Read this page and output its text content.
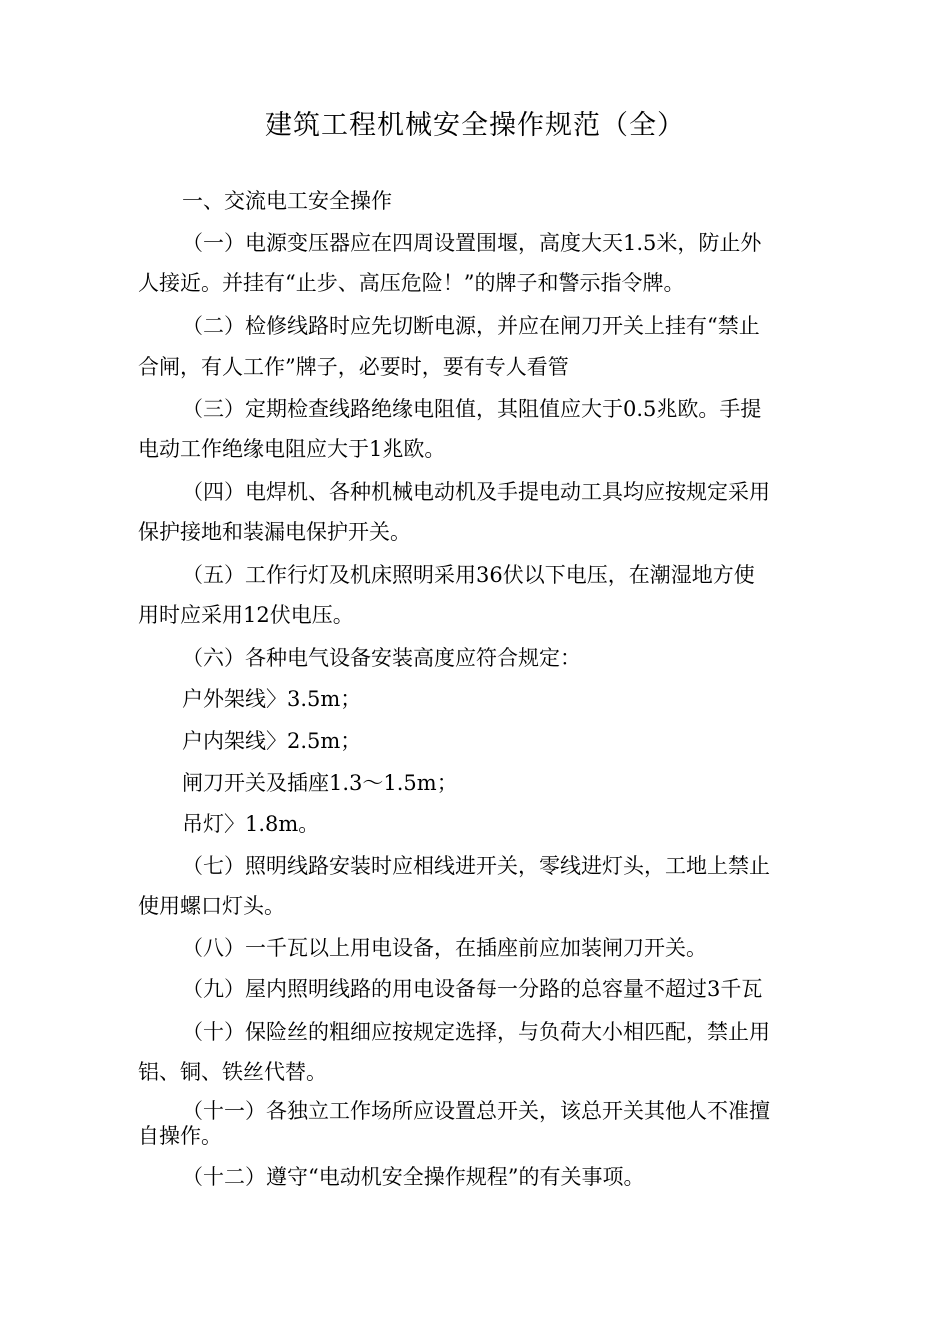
建筑工程机械安全操作规范（全）
一、交流电工安全操作
（一）电源变压器应在四周设置围堰，高度大天1.5米，防止外
人接近。并挂有“止步、高压危险！”的牌子和警示指令牌。
（二）检修线路时应先切断电源，并应在闸刀开关上挂有“禁止
合闸，有人工作”牌子，必要时，要有专人看管
（三）定期检查线路绝缘电阻值，其阻值应大于0.5兆欧。手提
电动工作绝缘电阻应大于1兆欧。
（四）电焊机、各种机械电动机及手提电动工具均应按规定采用
保护接地和装漏电保护开关。
（五）工作行灯及机床照明采用36伏以下电压，在潮湿地方使
用时应采用12伏电压。
（六）各种电气设备安装高度应符合规定：
户外架线〉3.5m；
户内架线〉2.5m；
闸刀开关及插座1.3〜1.5m；
吊灯〉1.8m。
（七）照明线路安装时应相线进开关，零线进灯头，工地上禁止
使用螺口灯头。
（八）一千瓦以上用电设备，在插座前应加装闸刀开关。
（九）屋内照明线路的用电设备每一分路的总容量不超过3千瓦
（十）保险丝的粗细应按规定选择，与负荷大小相匹配，禁止用
铝、铜、铁丝代替。
（十一）各独立工作场所应设置总开关，该总开关其他人不准擅
自操作。
（十二）遵守“电动机安全操作规程”的有关事项。
